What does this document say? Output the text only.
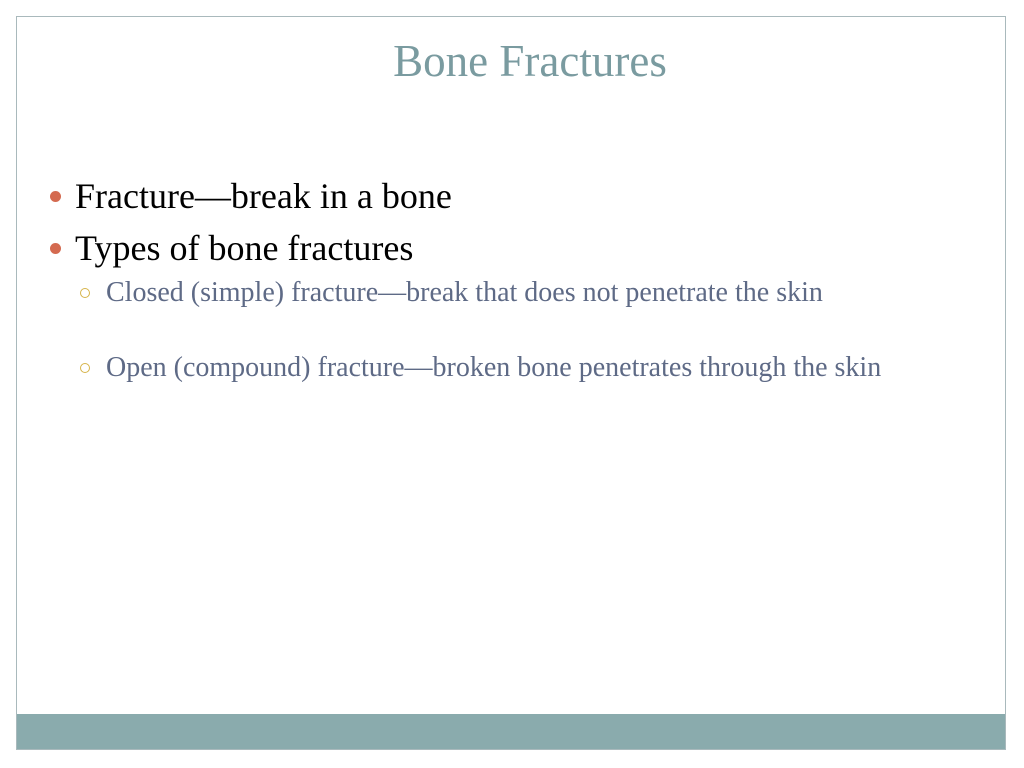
Bone Fractures
Fracture—break in a bone
Types of bone fractures
Closed (simple) fracture—break that does not penetrate the skin
Open (compound) fracture—broken bone penetrates through the skin
